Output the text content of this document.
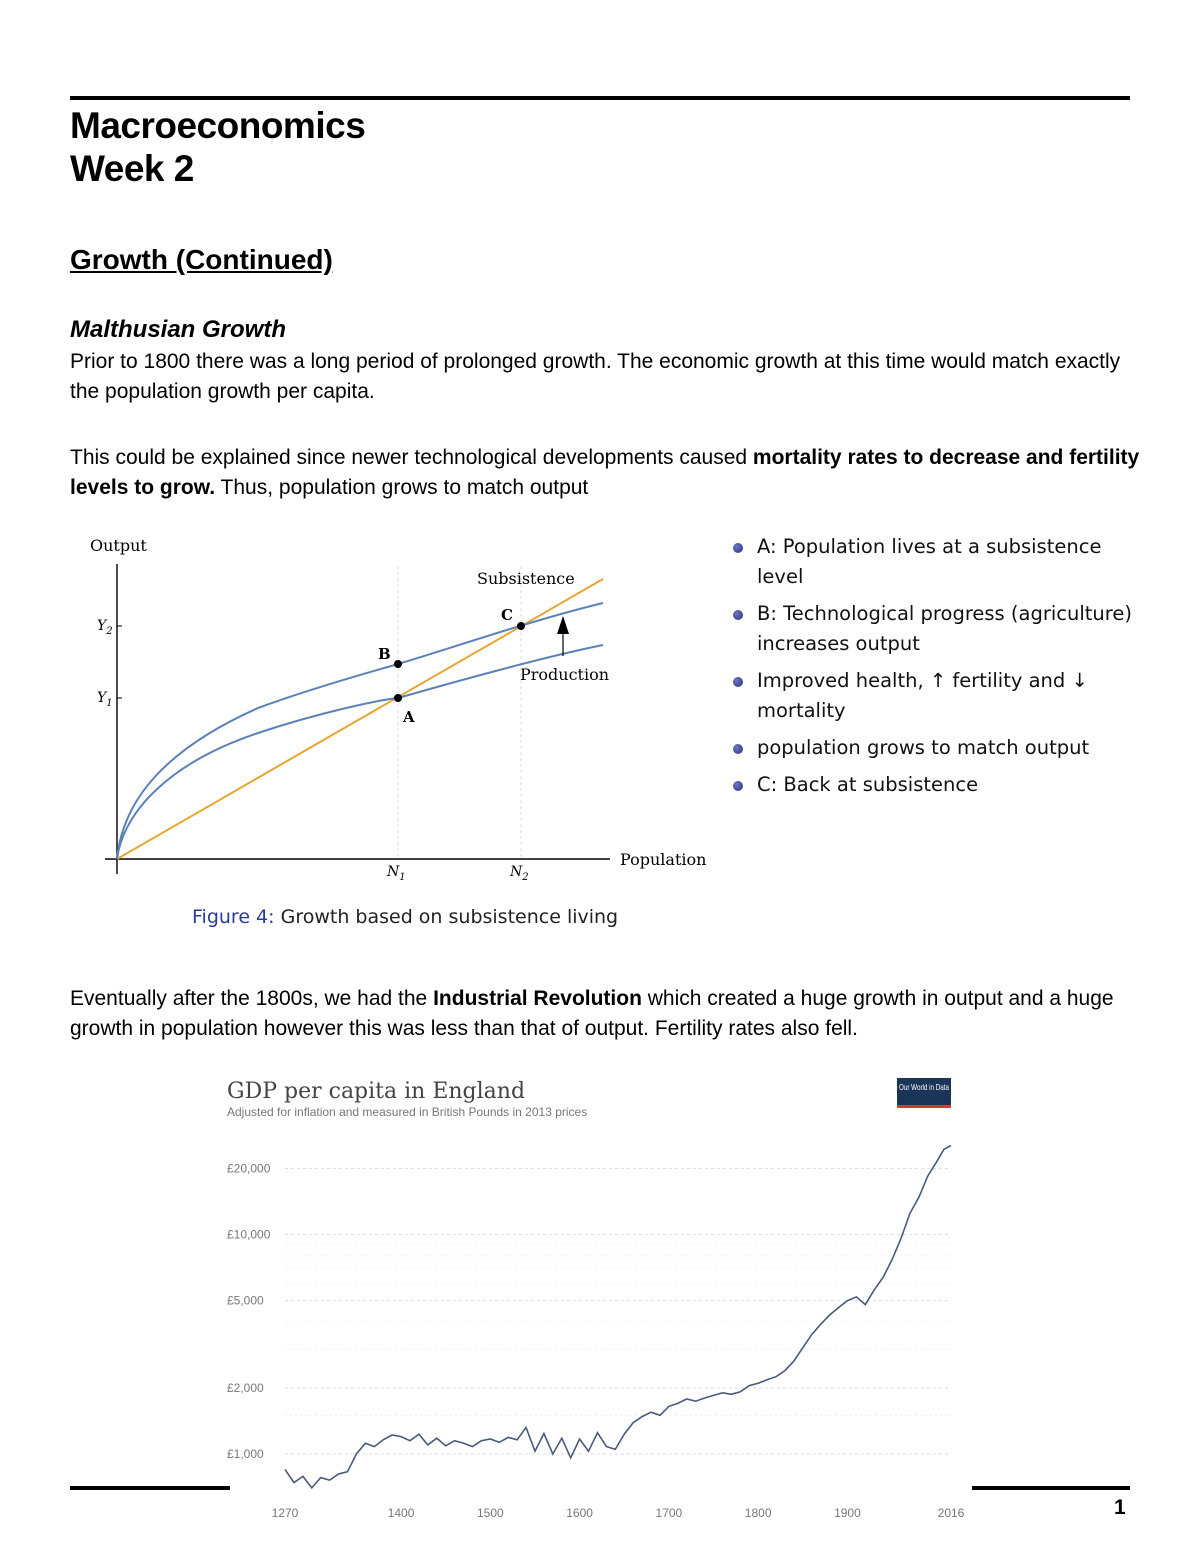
Macroeconomics
Week 2
Growth (Continued)
Malthusian Growth
Prior to 1800 there was a long period of prolonged growth. The economic growth at this time would match exactly the population growth per capita.
This could be explained since newer technological developments caused mortality rates to decrease and fertility levels to grow. Thus, population grows to match output
Output
Population
Subsistence
Production
A
B
C
$Y_2$
$Y_1$
$N_1$	$N_2$
A: Population lives at a subsistence level
B: Technological progress (agriculture) increases output
Improved health, ↑ fertility and ↓ mortality
population grows to match output
C: Back at subsistence
Figure 4: Growth based on subsistence living
Eventually after the 1800s, we had the Industrial Revolution which created a huge growth in output and a huge growth in population however this was less than that of output. Fertility rates also fell.
GDP per capita in England
Adjusted for inflation and measured in British Pounds in 2013 prices
Our World in Data
£1,000
£2,000
£5,000
£10,000
£20,000
1270	1400	1500	1600	1700	1800	1900	2016	1
